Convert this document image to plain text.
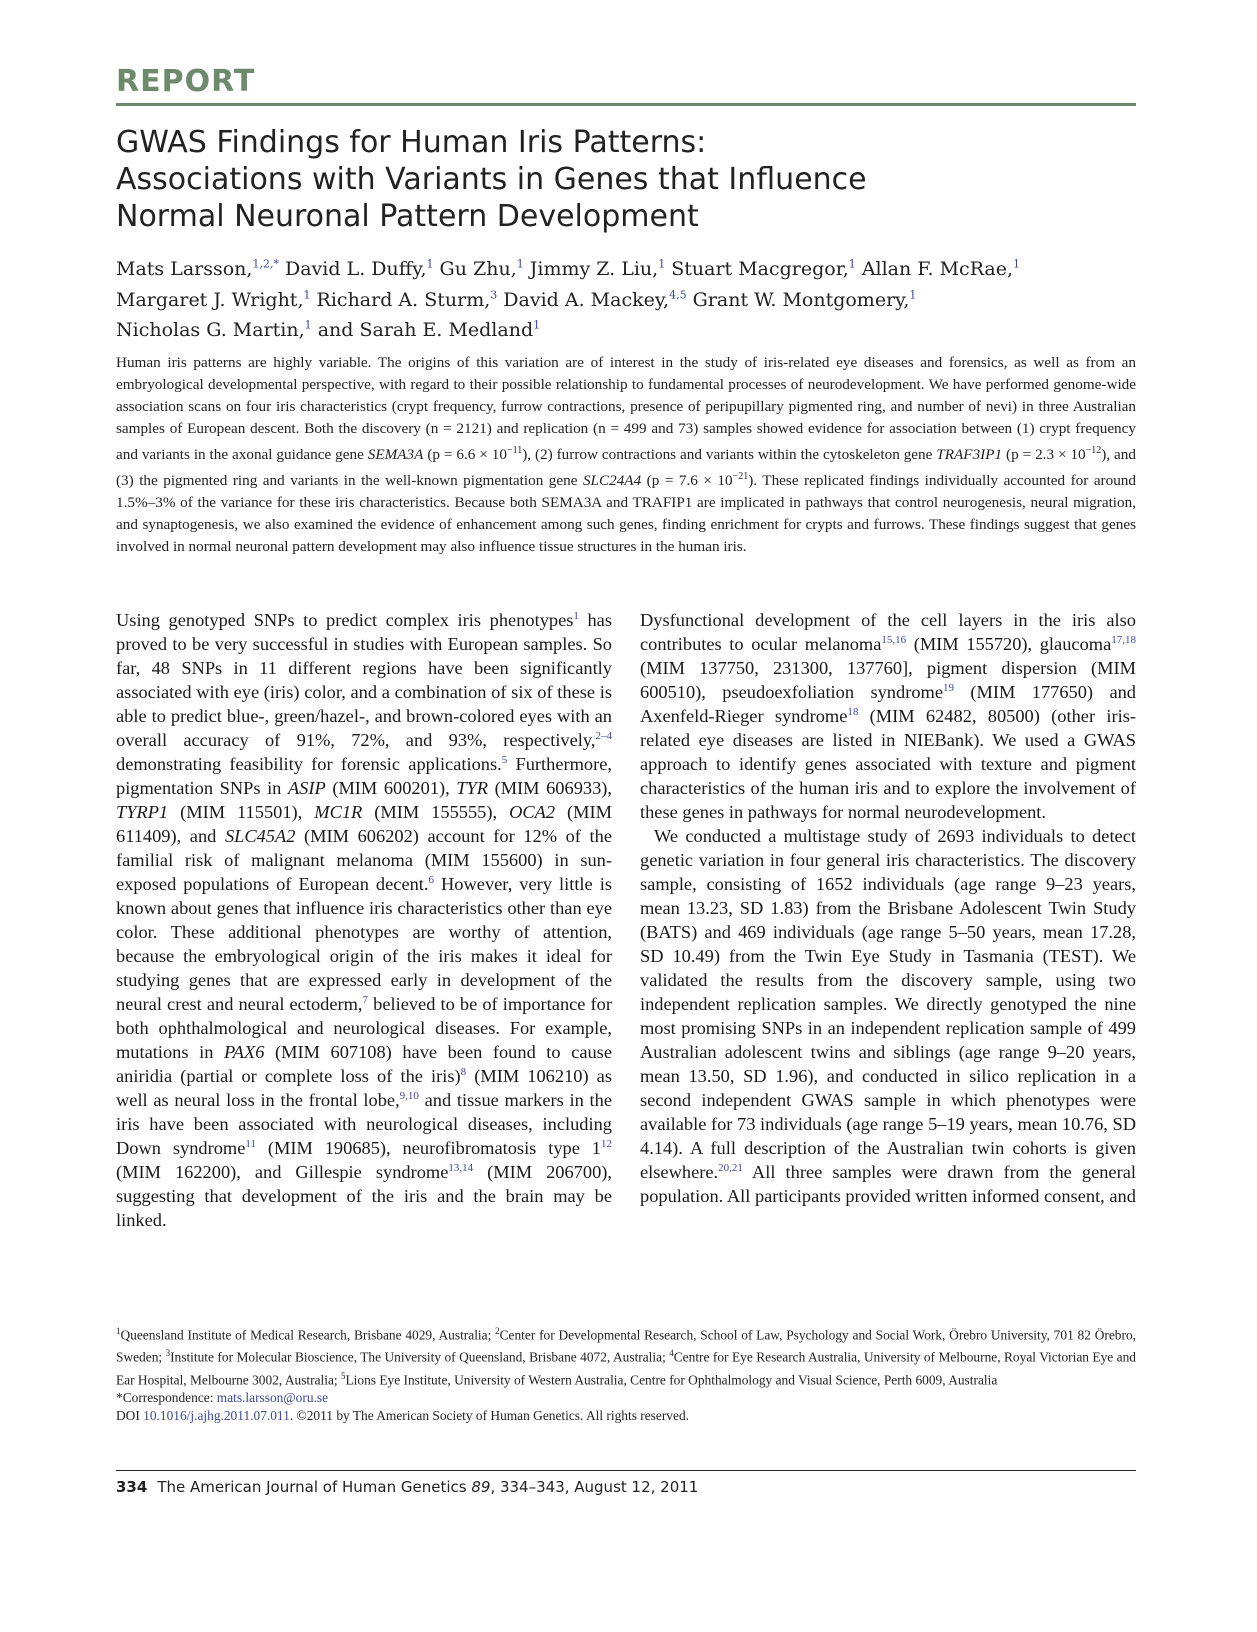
REPORT
GWAS Findings for Human Iris Patterns:
Associations with Variants in Genes that Influence
Normal Neuronal Pattern Development
Mats Larsson,$^{1,2,*}$ David L. Duffy,$^1$ Gu Zhu,$^1$ Jimmy Z. Liu,$^1$ Stuart Macgregor,$^1$ Allan F. McRae,$^1$
Margaret J. Wright,$^1$ Richard A. Sturm,$^3$ David A. Mackey,$^{4,5}$ Grant W. Montgomery,$^1$
Nicholas G. Martin,$^1$ and Sarah E. Medland$^1$
Human iris patterns are highly variable. The origins of this variation are of interest in the study of iris-related eye diseases and forensics, as well as from an embryological developmental perspective, with regard to their possible relationship to fundamental processes of neurodevelopment. We have performed genome-wide association scans on four iris characteristics (crypt frequency, furrow contractions, presence of peripupillary pigmented ring, and number of nevi) in three Australian samples of European descent. Both the discovery (n = 2121) and replication (n = 499 and 73) samples showed evidence for association between (1) crypt frequency and variants in the axonal guidance gene SEMA3A $(p = 6.6 \times 10^{-11})$, (2) furrow contractions and variants within the cytoskeleton gene TRAF3IP1 $(p = 2.3 \times 10^{-12})$, and (3) the pigmented ring and variants in the well-known pigmentation gene SLC24A4 $(p = 7.6 \times 10^{-21})$. These replicated findings individually accounted for around 1.5%–3% of the variance for these iris characteristics. Because both SEMA3A and TRAFIP1 are implicated in pathways that control neurogenesis, neural migration, and synaptogenesis, we also examined the evidence of enhancement among such genes, finding enrichment for crypts and furrows. These findings suggest that genes involved in normal neuronal pattern development may also influence tissue structures in the human iris.

Using genotyped SNPs to predict complex iris phenotypes$^1$ has proved to be very successful in studies with European samples. So far, 48 SNPs in 11 different regions have been significantly associated with eye (iris) color, and a combination of six of these is able to predict blue-, green/hazel-, and brown-colored eyes with an overall accuracy of 91%, 72%, and 93%, respectively,$^{2-4}$ demonstrating feasibility for forensic applications.$^5$ Furthermore, pigmentation SNPs in ASIP (MIM 600201), TYR (MIM 606933), TYRP1 (MIM 115501), MC1R (MIM 155555), OCA2 (MIM 611409), and SLC45A2 (MIM 606202) account for 12% of the familial risk of malignant melanoma (MIM 155600) in sun-exposed populations of European decent.$^6$ However, very little is known about genes that influence iris characteristics other than eye color. These additional phenotypes are worthy of attention, because the embryological origin of the iris makes it ideal for studying genes that are expressed early in development of the neural crest and neural ectoderm,$^7$ believed to be of importance for both ophthalmological and neurological diseases. For example, mutations in PAX6 (MIM 607108) have been found to cause aniridia (partial or complete loss of the iris)$^8$ (MIM 106210) as well as neural loss in the frontal lobe,$^{9,10}$ and tissue markers in the iris have been associated with neurological diseases, including Down syndrome$^{11}$ (MIM 190685), neurofibromatosis type $1^{12}$ (MIM 162200), and Gillespie syndrome$^{13,14}$ (MIM 206700), suggesting that development of the iris and the brain may be linked.

Dysfunctional development of the cell layers in the iris also contributes to ocular melanoma$^{15,16}$ (MIM 155720), glaucoma$^{17,18}$ (MIM 137750, 231300, 137760], pigment dispersion (MIM 600510), pseudoexfoliation syndrome$^{19}$ (MIM 177650) and Axenfeld-Rieger syndrome$^{18}$ (MIM 62482, 80500) (other iris-related eye diseases are listed in NIEBank). We used a GWAS approach to identify genes associated with texture and pigment characteristics of the human iris and to explore the involvement of these genes in pathways for normal neurodevelopment.

We conducted a multistage study of 2693 individuals to detect genetic variation in four general iris characteristics. The discovery sample, consisting of 1652 individuals (age range 9–23 years, mean 13.23, SD 1.83) from the Brisbane Adolescent Twin Study (BATS) and 469 individuals (age range 5–50 years, mean 17.28, SD 10.49) from the Twin Eye Study in Tasmania (TEST). We validated the results from the discovery sample, using two independent replication samples. We directly genotyped the nine most promising SNPs in an independent replication sample of 499 Australian adolescent twins and siblings (age range 9–20 years, mean 13.50, SD 1.96), and conducted in silico replication in a second independent GWAS sample in which phenotypes were available for 73 individuals (age range 5–19 years, mean 10.76, SD 4.14). A full description of the Australian twin cohorts is given elsewhere.$^{20,21}$ All three samples were drawn from the general population. All participants provided written informed consent, and

$^1$Queensland Institute of Medical Research, Brisbane 4029, Australia; $^2$Center for Developmental Research, School of Law, Psychology and Social Work, Örebro University, 701 82 Örebro, Sweden; $^3$Institute for Molecular Bioscience, The University of Queensland, Brisbane 4072, Australia; $^4$Centre for Eye Research Australia, University of Melbourne, Royal Victorian Eye and Ear Hospital, Melbourne 3002, Australia; $^5$Lions Eye Institute, University of Western Australia, Centre for Ophthalmology and Visual Science, Perth 6009, Australia

*Correspondence: mats.larsson@oru.se

DOI 10.1016/j.ajhg.2011.07.011. ©2011 by The American Society of Human Genetics. All rights reserved.

334 The American Journal of Human Genetics 89, 334–343, August 12, 2011
